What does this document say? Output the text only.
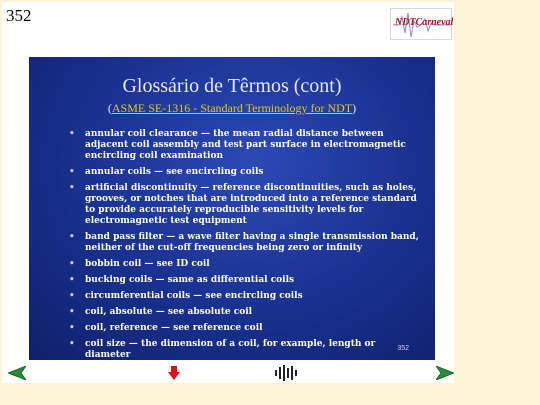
352	NDTCarneval
Glossário de Têrmos (cont)
(ASME SE-1316 - Standard Terminology for NDT)
• annular coil clearance — the mean radial distance between adjacent coil assembly and test part surface in electromagnetic encircling coil examination
• annular coils — see encircling coils
• artificial discontinuity — reference discontinuities, such as holes, grooves, or notches that are introduced into a reference standard to provide accurately reproducible sensitivity levels for electromagnetic test equipment
• band pass filter — a wave filter having a single transmission band, neither of the cut-off frequencies being zero or infinity
• bobbin coil — see ID coil
• bucking coils — same as differential coils
• circumferential coils — see encircling coils
• coil, absolute — see absolute coil
• coil, reference — see reference coil
• coil size — the dimension of a coil, for example, length or diameter
352
